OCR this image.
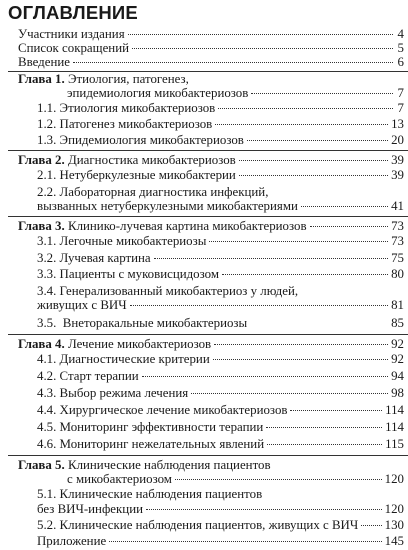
ОГЛАВЛЕНИЕ
Участники издания	4
Список сокращений	5
Введение	6
Глава 1. Этиология, патогенез,
эпидемиология микобактериозов	7
1.1. Этиология микобактериозов	7
1.2. Патогенез микобактериозов	13
1.3. Эпидемиология микобактериозов	20
Глава 2. Диагностика микобактериозов	39
2.1. Нетуберкулезные микобактерии	39
2.2. Лабораторная диагностика инфекций,
вызванных нетуберкулезными микобактериями	41
Глава 3. Клинико-лучевая картина микобактериозов	73
3.1. Легочные микобактериозы	73
3.2. Лучевая картина	75
3.3. Пациенты с муковисцидозом	80
3.4. Генерализованный микобактериоз у людей,
живущих с ВИЧ	81
3.5.  Внеторакальные микобактериозы	85
Глава 4. Лечение микобактериозов	92
4.1. Диагностические критерии	92
4.2. Старт терапии	94
4.3. Выбор режима лечения	98
4.4. Хирургическое лечение микобактериозов	114
4.5. Мониторинг эффективности терапии	114
4.6. Мониторинг нежелательных явлений	115
Глава 5. Клинические наблюдения пациентов
с микобактериозом	120
5.1. Клинические наблюдения пациентов
без ВИЧ-инфекции	120
5.2. Клинические наблюдения пациентов, живущих с ВИЧ 130
Приложение	145
